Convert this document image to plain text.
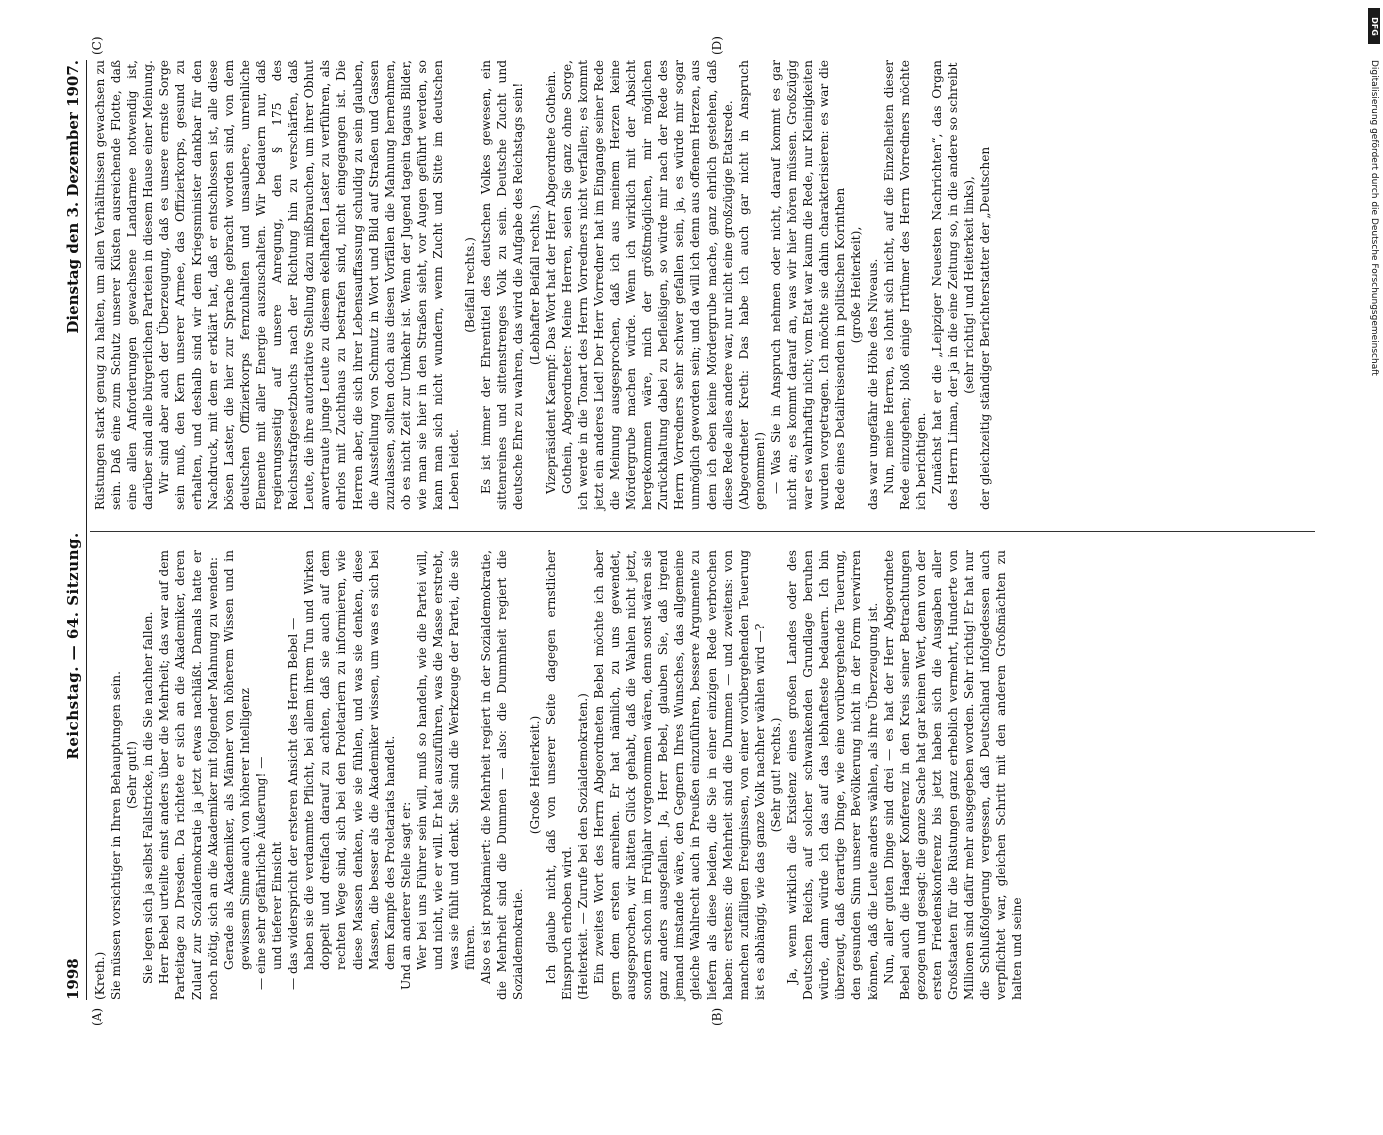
1998
Reichstag. — 64. Sitzung.
Dienstag den 3. Dezember 1907.

(Kreth.) Sie müssen vorsichtiger in Ihren Behauptungen sein. (Sehr gut!) Sie legen sich ja selbst Fallstricke, in die Sie nachher fallen. Herr Bebel urteilte einst anders über die Mehrheit; das war auf dem Parteitage zu Dresden. Da richtete er sich an die Akademiker, deren Zulauf zur Sozialdemokratie ja jetzt etwas nachläßt. Damals hatte er noch nötig, sich an die Akademiker mit folgender Mahnung zu wenden: Gerade als Akademiker, als Männer von höherem Wissen und in gewissem Sinne auch von höherer Intelligenz — eine sehr gefährliche Äußerung! — und tieferer Einsicht — das widerspricht der ersteren Ansicht des Herrn Bebel — haben sie die verdammte Pflicht, bei allem ihrem Tun und Wirken doppelt und dreifach darauf zu achten, daß sie auch auf dem rechten Wege sind, sich bei den Proletariern zu informieren, wie diese Massen denken, wie sie fühlen, und was sie denken, diese Massen, die besser als die Akademiker wissen, um was es sich bei dem Kampfe des Proletariats handelt. Und an anderer Stelle sagt er: Wer bei uns Führer sein will, muß so handeln, wie die Partei will, und nicht, wie er will. Er hat auszuführen, was die Masse erstrebt, was sie fühlt und denkt. Sie sind die Werkzeuge der Partei, die sie führen. Also es ist proklamiert: die Mehrheit regiert in der Sozialdemokratie, die Mehrheit sind die Dummen — also: die Dummheit regiert die Sozialdemokratie.

(Große Heiterkeit.) Ich glaube nicht, daß von unserer Seite dagegen ernstlicher Einspruch erhoben wird. (Heiterkeit. — Zurufe bei den Sozialdemokraten.) Ein zweites Wort des Herrn Abgeordneten Bebel möchte ich aber gern dem ersten anreihen. Er hat nämlich, zu uns gewendet, ausgesprochen, wir hätten Glück gehabt, daß die Wahlen nicht jetzt, sondern schon im Frühjahr vorgenommen wären, denn sonst wären sie ganz anders ausgefallen. Ja, Herr Bebel, glauben Sie, daß irgend jemand imstande wäre, den Gegnern Ihres Wunsches, das allgemeine gleiche Wahlrecht auch in Preußen einzuführen, bessere Argumente zu liefern als diese beiden, die Sie in einer einzigen Rede verbrochen haben: erstens: die Mehrheit sind die Dummen — und zweitens: von manchen zufälligen Ereignissen, von einer vorübergehenden Teuerung ist es abhängig, wie das ganze Volk nachher wählen wird —? (Sehr gut! rechts.) Ja, wenn wirklich die Existenz eines großen Landes oder des Deutschen Reichs, auf solcher schwankenden Grundlage beruhen würde, dann würde ich das auf das lebhafteste bedauern. Ich bin überzeugt, daß derartige Dinge, wie eine vorübergehende Teuerung, den gesunden Sinn unserer Bevölkerung nicht in der Form verwirren können, daß die Leute anders wählen, als ihre Überzeugung ist. Nun, aller guten Dinge sind drei — es hat der Herr Abgeordnete Bebel auch die Haager Konferenz in den Kreis seiner Betrachtungen gezogen und gesagt: die ganze Sache hat gar keinen Wert, denn von der ersten Friedenskonferenz bis jetzt haben sich die Ausgaben aller Großstaaten für die Rüstungen ganz erheblich vermehrt, Hunderte von Millionen sind dafür mehr ausgegeben worden. Sehr richtig! Er hat nur die Schlußfolgerung vergessen, daß Deutschland infolgedessen auch verpflichtet war, gleichen Schritt mit den anderen Großmächten zu halten und seine

Rüstungen stark genug zu halten, um allen Verhältnissen gewachsen zu sein. Daß eine zum Schutz unserer Küsten ausreichende Flotte, daß eine allen Anforderungen gewachsene Landarmee notwendig ist, darüber sind alle bürgerlichen Parteien in diesem Hause einer Meinung. Wir sind aber auch der Überzeugung, daß es unsere ernste Sorge sein muß, den Kern unserer Armee, das Offizierkorps, gesund zu erhalten, und deshalb sind wir dem Kriegsminister dankbar für den Nachdruck, mit dem er erklärt hat, daß er entschlossen ist, alle diese bösen Laster, die hier zur Sprache gebracht worden sind, von dem deutschen Offizierkorps fernzuhalten und unsaubere, unreinliche Elemente mit aller Energie auszuschalten. Wir bedauern nur, daß regierungsseitig auf unsere Anregung, den § 175 des Reichsstrafgesetzbuchs nach der Richtung hin zu verschärfen, daß Leute, die ihre autoritative Stellung dazu mißbrauchen, um ihrer Obhut anvertraute junge Leute zu diesem ekelhaften Laster zu verführen, als ehrlos mit Zuchthaus zu bestrafen sind, nicht eingegangen ist. Die Herren aber, die sich ihrer Lebensauffassung schuldig zu sein glauben, die Ausstellung von Schmutz in Wort und Bild auf Straßen und Gassen zuzulassen, sollten doch aus diesen Vorfällen die Mahnung hernehmen, ob es nicht Zeit zur Umkehr ist. Wenn der Jugend tagein tagaus Bilder, wie man sie hier in den Straßen sieht, vor Augen geführt werden, so kann man sich nicht wundern, wenn Zucht und Sitte im deutschen Leben leidet.

(Beifall rechts.) Es ist immer der Ehrentitel des deutschen Volkes gewesen, ein sittenreines und sittenstrenges Volk zu sein. Deutsche Zucht und deutsche Ehre zu wahren, das wird die Aufgabe des Reichstags sein! (Lebhafter Beifall rechts.) Vizepräsident Kaempf: Das Wort hat der Herr Abgeordnete Gothein. Gothein, Abgeordneter: Meine Herren, seien Sie ganz ohne Sorge, ich werde in die Tonart des Herrn Vorredners nicht verfallen; es kommt jetzt ein anderes Lied! Der Herr Vorredner hat im Eingange seiner Rede die Meinung ausgesprochen, daß ich aus meinem Herzen keine Mördergrube machen würde. Wenn ich wirklich mit der Absicht hergekommen wäre, mich der größtmöglichen, mir möglichen Zurückhaltung dabei zu befleißigen, so würde mir nach der Rede des Herrn Vorredners sehr schwer gefallen sein, ja, es würde mir sogar unmöglich geworden sein; und da will ich denn aus offenem Herzen, aus dem ich eben keine Mördergrube mache, ganz ehrlich gestehen, daß diese Rede alles andere war, nur nicht eine großzügige Etatsrede. (Abgeordneter Kreth: Das habe ich auch gar nicht in Anspruch genommen!) — Was Sie in Anspruch nehmen oder nicht, darauf kommt es gar nicht an; es kommt darauf an, was wir hier hören müssen. Großzügig war es wahrhaftig nicht; vom Etat war kaum die Rede, nur Kleinigkeiten wurden vorgetragen. Ich möchte sie dahin charakterisieren: es war die Rede eines Detailreisenden in politischen Korinthen (große Heiterkeit), das war ungefähr die Höhe des Niveaus. Nun, meine Herren, es lohnt sich nicht, auf die Einzelheiten dieser Rede einzugehen; bloß einige Irrtümer des Herrn Vorredners möchte ich berichtigen. Zunächst hat er die „Leipziger Neuesten Nachrichten“, das Organ des Herrn Liman, der ja in die eine Zeitung so, in die andere so schreibt (sehr richtig! und Heiterkeit links), der gleichzeitig ständiger Berichterstatter der „Deutschen

(A)	(B)
(C)	(D)
DFG
Digitalisierung gefördert durch die Deutsche Forschungsgemeinschaft
